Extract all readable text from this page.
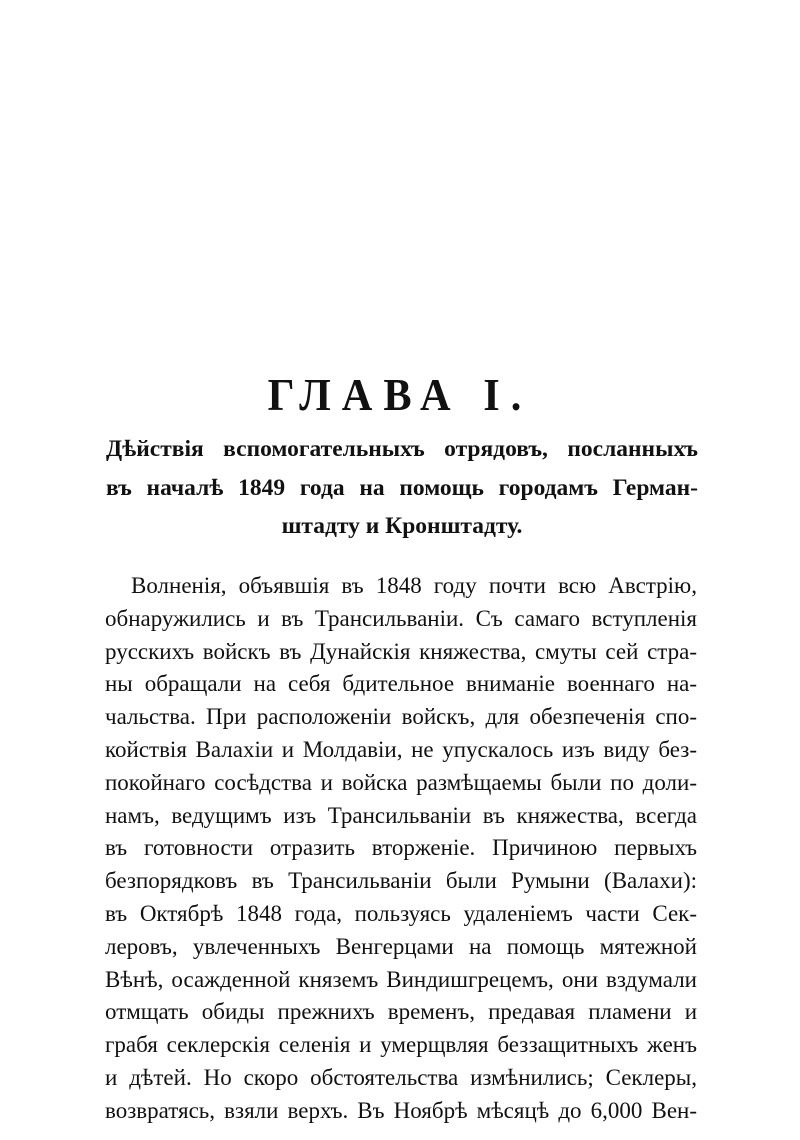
ГЛАВА I.
Дѣйствія вспомогательныхъ отрядовъ, посланныхъ
въ началѣ 1849 года на помощь городамъ Герман-
штадту и Кронштадту.
Волненія, объявшія въ 1848 году почти всю Австрію,
обнаружились и въ Трансильваніи. Съ самаго вступленія
русскихъ войскъ въ Дунайскія княжества, смуты сей стра-
ны обращали на себя бдительное вниманіе военнаго на-
чальства. При расположеніи войскъ, для обезпеченія спо-
койствія Валахіи и Молдавіи, не упускалось изъ виду без-
покойнаго сосѣдства и войска размѣщаемы были по доли-
намъ, ведущимъ изъ Трансильваніи въ княжества, всегда
въ готовности отразить вторженіе. Причиною первыхъ
безпорядковъ въ Трансильваніи были Румыни (Валахи):
въ Октябрѣ 1848 года, пользуясь удаленіемъ части Сек-
леровъ, увлеченныхъ Венгерцами на помощь мятежной
Вѣнѣ, осажденной княземъ Виндишгрецемъ, они вздумали
отмщать обиды прежнихъ временъ, предавая пламени и
грабя секлерскія селенія и умерщвляя беззащитныхъ женъ
и дѣтей. Но скоро обстоятельства измѣнились; Секлеры,
возвратясь, взяли верхъ. Въ Ноябрѣ мѣсяцѣ до 6,000 Вен-
